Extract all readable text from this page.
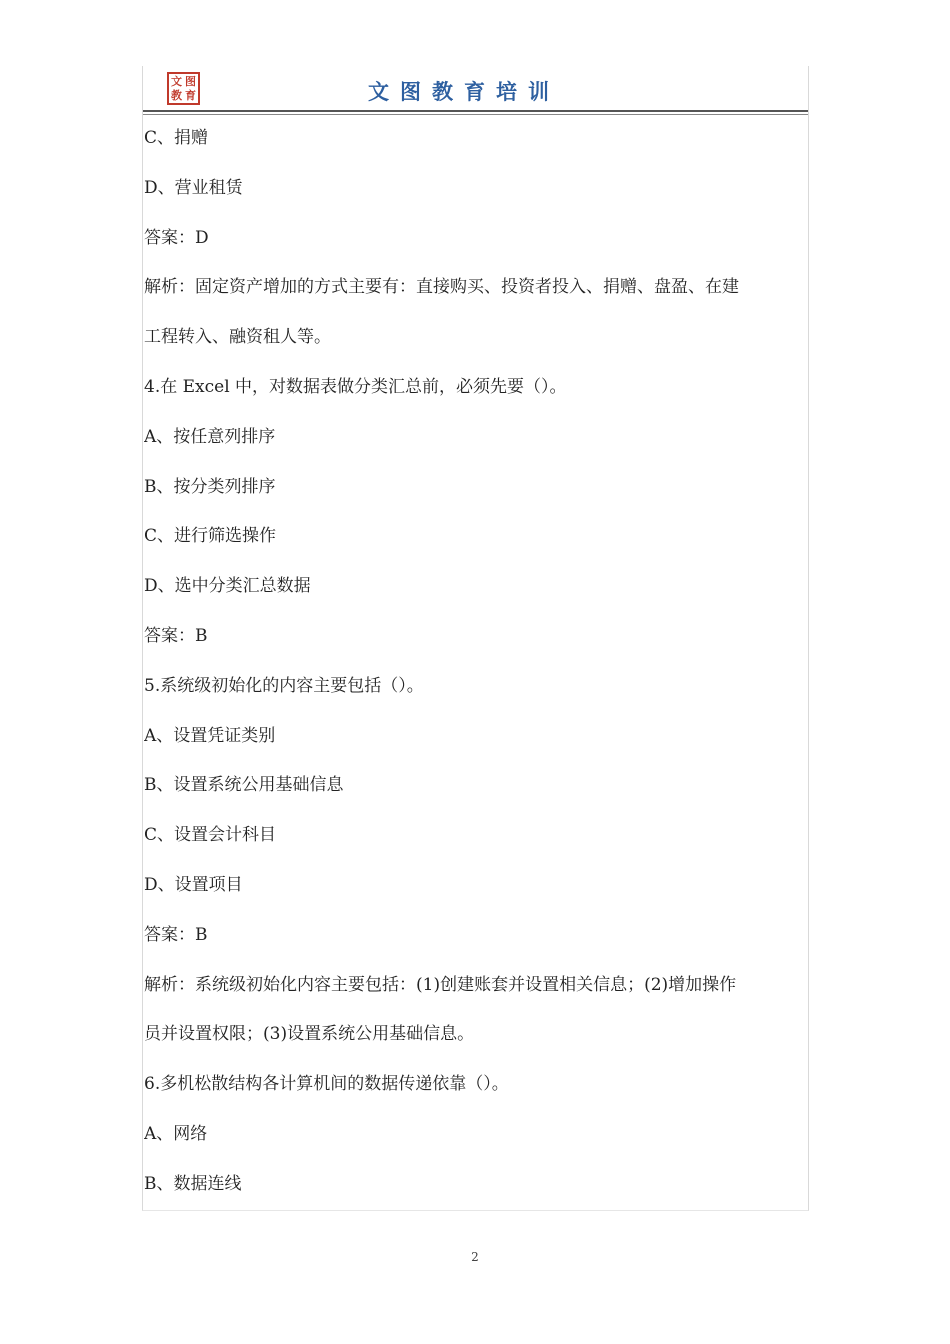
文 图
教 育	文图教育培训
C、捐赠
D、营业租赁
答案：D
解析：固定资产增加的方式主要有：直接购买、投资者投入、捐赠、盘盈、在建
工程转入、融资租人等。
4.在 Excel 中，对数据表做分类汇总前，必须先要（）。
A、按任意列排序
B、按分类列排序
C、进行筛选操作
D、选中分类汇总数据
答案：B
5.系统级初始化的内容主要包括（）。
A、设置凭证类别
B、设置系统公用基础信息
C、设置会计科目
D、设置项目
答案：B
解析：系统级初始化内容主要包括：(1)创建账套并设置相关信息；(2)增加操作
员并设置权限；(3)设置系统公用基础信息。
6.多机松散结构各计算机间的数据传递依靠（）。
A、网络
B、数据连线
2
